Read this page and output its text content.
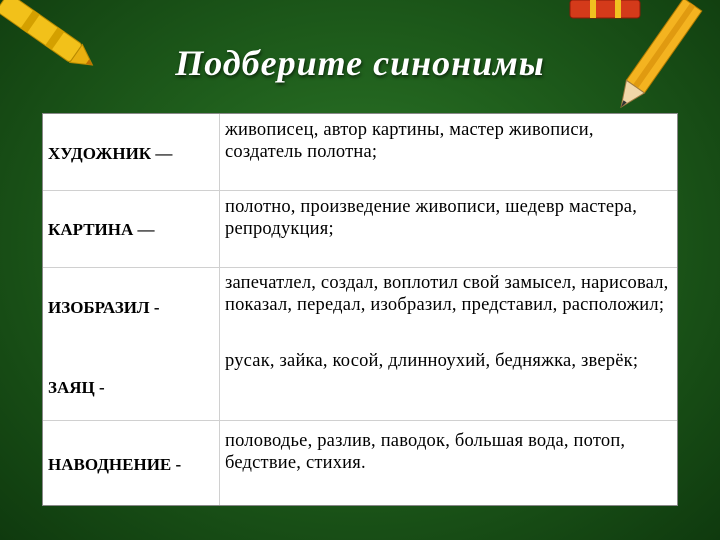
Подберите синонимы
ХУДОЖНИК —
живописец, автор картины, мастер живописи, создатель полотна;
КАРТИНА —
полотно, произведение живописи, шедевр мастера, репродукция;
ИЗОБРАЗИЛ -
запечатлел, создал, воплотил свой замысел, нарисовал, показал, передал, изобразил, представил, расположил;
ЗАЯЦ -
русак, зайка, косой, длинноухий, бедняжка, зверёк;
НАВОДНЕНИЕ -
половодье, разлив, паводок, большая вода, потоп, бедствие, стихия.
